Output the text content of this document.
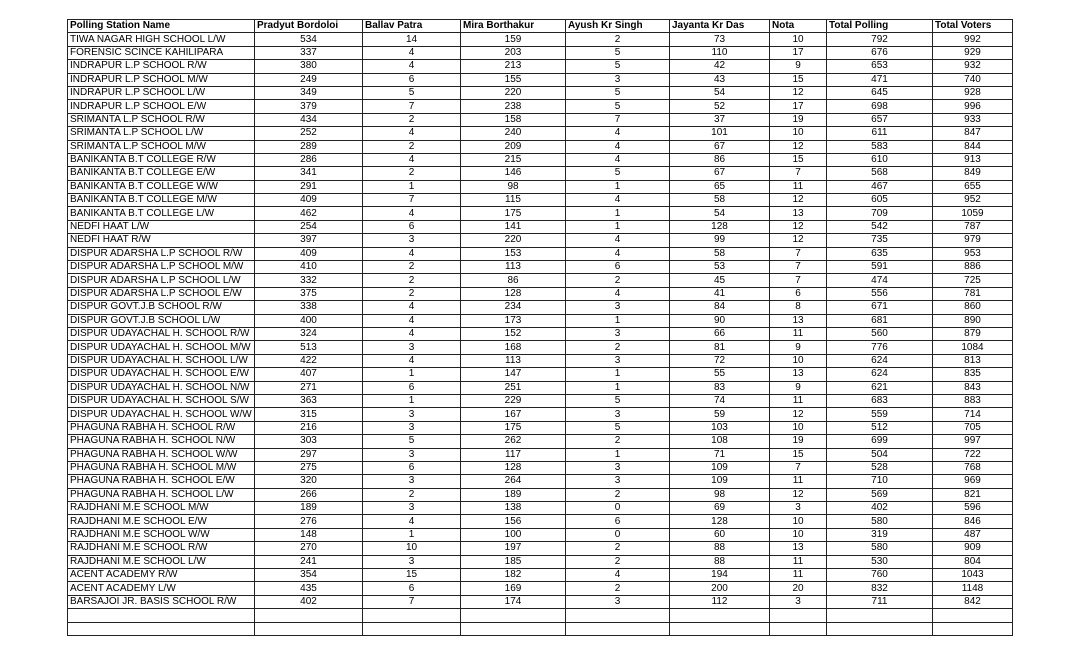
Polling Station Name	Pradyut Bordoloi	Ballav Patra	Mira Borthakur	Ayush Kr Singh	Jayanta Kr Das	Nota	Total Polling	Total Voters
TIWA NAGAR HIGH SCHOOL L/W	534	14	159	2	73	10	792	992
FORENSIC SCINCE KAHILIPARA	337	4	203	5	110	17	676	929
INDRAPUR L.P SCHOOL R/W	380	4	213	5	42	9	653	932
INDRAPUR L.P SCHOOL M/W	249	6	155	3	43	15	471	740
INDRAPUR L.P SCHOOL L/W	349	5	220	5	54	12	645	928
INDRAPUR L.P SCHOOL E/W	379	7	238	5	52	17	698	996
SRIMANTA L.P SCHOOL R/W	434	2	158	7	37	19	657	933
SRIMANTA L.P SCHOOL L/W	252	4	240	4	101	10	611	847
SRIMANTA L.P SCHOOL M/W	289	2	209	4	67	12	583	844
BANIKANTA B.T COLLEGE R/W	286	4	215	4	86	15	610	913
BANIKANTA B.T COLLEGE E/W	341	2	146	5	67	7	568	849
BANIKANTA B.T COLLEGE W/W	291	1	98	1	65	11	467	655
BANIKANTA B.T COLLEGE M/W	409	7	115	4	58	12	605	952
BANIKANTA B.T COLLEGE L/W	462	4	175	1	54	13	709	1059
NEDFI HAAT L/W	254	6	141	1	128	12	542	787
NEDFI HAAT R/W	397	3	220	4	99	12	735	979
DISPUR ADARSHA L.P SCHOOL R/W	409	4	153	4	58	7	635	953
DISPUR ADARSHA L.P SCHOOL M/W	410	2	113	6	53	7	591	886
DISPUR ADARSHA L.P SCHOOL L/W	332	2	86	2	45	7	474	725
DISPUR ADARSHA L.P SCHOOL E/W	375	2	128	4	41	6	556	781
DISPUR GOVT.J.B SCHOOL R/W	338	4	234	3	84	8	671	860
DISPUR GOVT.J.B SCHOOL L/W	400	4	173	1	90	13	681	890
DISPUR UDAYACHAL H. SCHOOL R/W	324	4	152	3	66	11	560	879
DISPUR UDAYACHAL H. SCHOOL M/W	513	3	168	2	81	9	776	1084
DISPUR UDAYACHAL H. SCHOOL L/W	422	4	113	3	72	10	624	813
DISPUR UDAYACHAL H. SCHOOL E/W	407	1	147	1	55	13	624	835
DISPUR UDAYACHAL H. SCHOOL N/W	271	6	251	1	83	9	621	843
DISPUR UDAYACHAL H. SCHOOL S/W	363	1	229	5	74	11	683	883
DISPUR UDAYACHAL H. SCHOOL W/W	315	3	167	3	59	12	559	714
PHAGUNA RABHA H. SCHOOL R/W	216	3	175	5	103	10	512	705
PHAGUNA RABHA H. SCHOOL N/W	303	5	262	2	108	19	699	997
PHAGUNA RABHA H. SCHOOL W/W	297	3	117	1	71	15	504	722
PHAGUNA RABHA H. SCHOOL M/W	275	6	128	3	109	7	528	768
PHAGUNA RABHA H. SCHOOL E/W	320	3	264	3	109	11	710	969
PHAGUNA RABHA H. SCHOOL L/W	266	2	189	2	98	12	569	821
RAJDHANI M.E SCHOOL M/W	189	3	138	0	69	3	402	596
RAJDHANI M.E SCHOOL E/W	276	4	156	6	128	10	580	846
RAJDHANI M.E SCHOOL W/W	148	1	100	0	60	10	319	487
RAJDHANI M.E SCHOOL R/W	270	10	197	2	88	13	580	909
RAJDHANI M.E SCHOOL L/W	241	3	185	2	88	11	530	804
ACENT ACADEMY R/W	354	15	182	4	194	11	760	1043
ACENT ACADEMY L/W	435	6	169	2	200	20	832	1148
BARSAJOI JR. BASIS SCHOOL R/W	402	7	174	3	112	3	711	842
